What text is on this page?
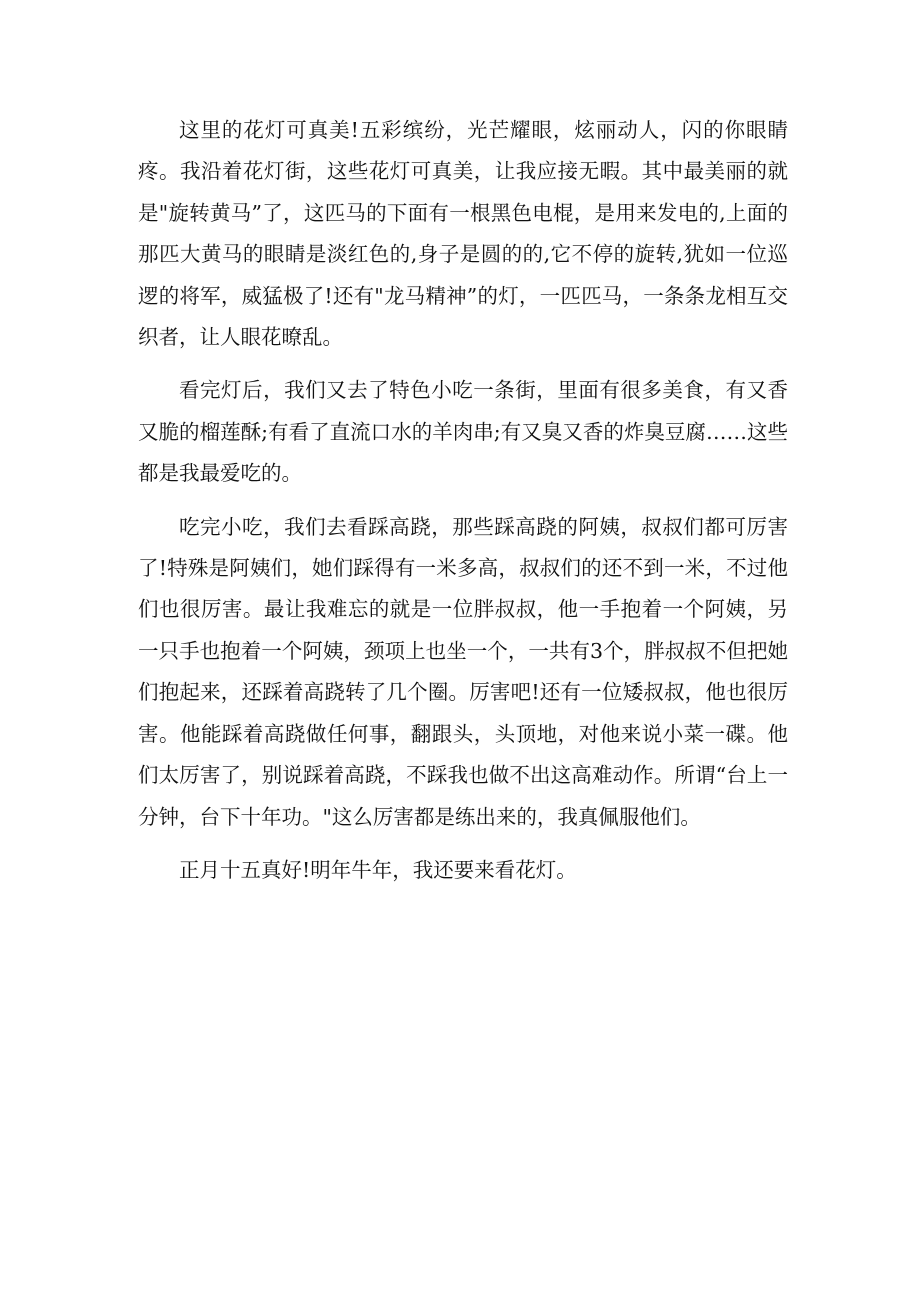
这里的花灯可真美!五彩缤纷，光芒耀眼，炫丽动人，闪的你眼睛疼。我沿着花灯街，这些花灯可真美，让我应接无暇。其中最美丽的就是"旋转黄马”了，这匹马的下面有一根黑色电棍，是用来发电的,上面的那匹大黄马的眼睛是淡红色的,身子是圆的的,它不停的旋转,犹如一位巡逻的将军，威猛极了!还有"龙马精神”的灯，一匹匹马，一条条龙相互交织者，让人眼花暸乱。

看完灯后，我们又去了特色小吃一条街，里面有很多美食，有又香又脆的榴莲酥;有看了直流口水的羊肉串;有又臭又香的炸臭豆腐……这些都是我最爱吃的。

吃完小吃，我们去看踩高跷，那些踩高跷的阿姨，叔叔们都可厉害了!特殊是阿姨们，她们踩得有一米多高，叔叔们的还不到一米，不过他们也很厉害。最让我难忘的就是一位胖叔叔，他一手抱着一个阿姨，另一只手也抱着一个阿姨，颈项上也坐一个，一共有3个，胖叔叔不但把她们抱起来，还踩着高跷转了几个圈。厉害吧!还有一位矮叔叔，他也很厉害。他能踩着高跷做任何事，翻跟头，头顶地，对他来说小菜一碟。他们太厉害了，别说踩着高跷，不踩我也做不出这高难动作。所谓“台上一分钟，台下十年功。"这么厉害都是练出来的，我真佩服他们。

正月十五真好!明年牛年，我还要来看花灯。
